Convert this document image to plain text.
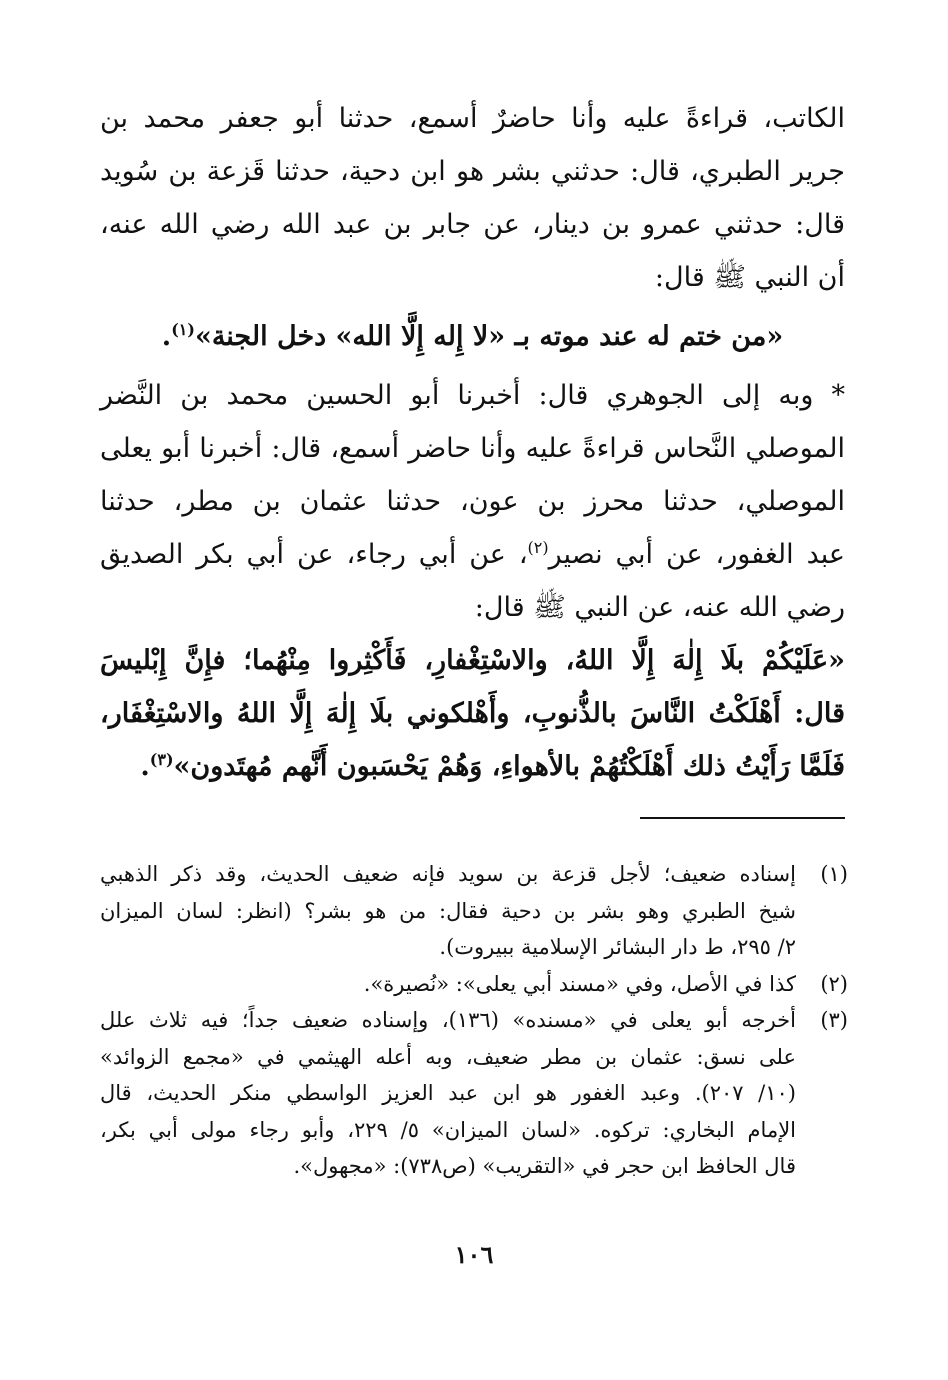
الكاتب، قراءةً عليه وأنا حاضرٌ أسمع، حدثنا أبو جعفر محمد بن
جرير الطبري، قال: حدثني بشر هو ابن دحية، حدثنا قَزعة بن سُويد
قال: حدثني عمرو بن دينار، عن جابر بن عبد الله رضي الله عنه،
أن النبي ﷺ قال:

«من ختم له عند موته بـ «لا إِله إِلَّا الله» دخل الجنة»$^{(١)}$.

* وبه إلى الجوهري قال: أخبرنا أبو الحسين محمد بن النَّضر
الموصلي النَّحاس قراءةً عليه وأنا حاضر أسمع، قال: أخبرنا أبو يعلى
الموصلي، حدثنا محرز بن عون، حدثنا عثمان بن مطر، حدثنا
عبد الغفور، عن أبي نصير$^{(٢)}$، عن أبي رجاء، عن أبي بكر الصديق
رضي الله عنه، عن النبي ﷺ قال:

«عَلَيْكُمْ بلَا إِلٰهَ إِلَّا اللهُ، والاسْتِغْفارِ، فَأَكْثِروا مِنْهُما؛ فإِنَّ إِبْليسَ
قال: أَهْلَكْتُ النَّاسَ بالذُّنوبِ، وأَهْلكوني بلَا إِلٰهَ إِلَّا اللهُ والاسْتِغْفَار،
فَلَمَّا رَأَيْتُ ذلك أَهْلَكْتُهُمْ بالأهواءِ، وَهُمْ يَحْسَبون أَنَّهم مُهتَدون»$^{(٣)}$.

(١)
إسناده ضعيف؛ لأجل قزعة بن سويد فإنه ضعيف الحديث، وقد ذكر الذهبي
شيخ الطبري وهو بشر بن دحية فقال: من هو بشر؟ (انظر: لسان الميزان
٢/ ٢٩٥، ط دار البشائر الإسلامية ببيروت).
(٢)
كذا في الأصل، وفي «مسند أبي يعلى»: «نُصيرة».
(٣)
أخرجه أبو يعلى في «مسنده» (١٣٦)، وإسناده ضعيف جداً؛ فيه ثلاث علل
على نسق: عثمان بن مطر ضعيف، وبه أعله الهيثمي في «مجمع الزوائد»
(١٠/ ٢٠٧). وعبد الغفور هو ابن عبد العزيز الواسطي منكر الحديث، قال
الإمام البخاري: تركوه. «لسان الميزان» ٥/ ٢٢٩، وأبو رجاء مولى أبي بكر،
قال الحافظ ابن حجر في «التقريب» (ص٧٣٨): «مجهول».
١٠٦
